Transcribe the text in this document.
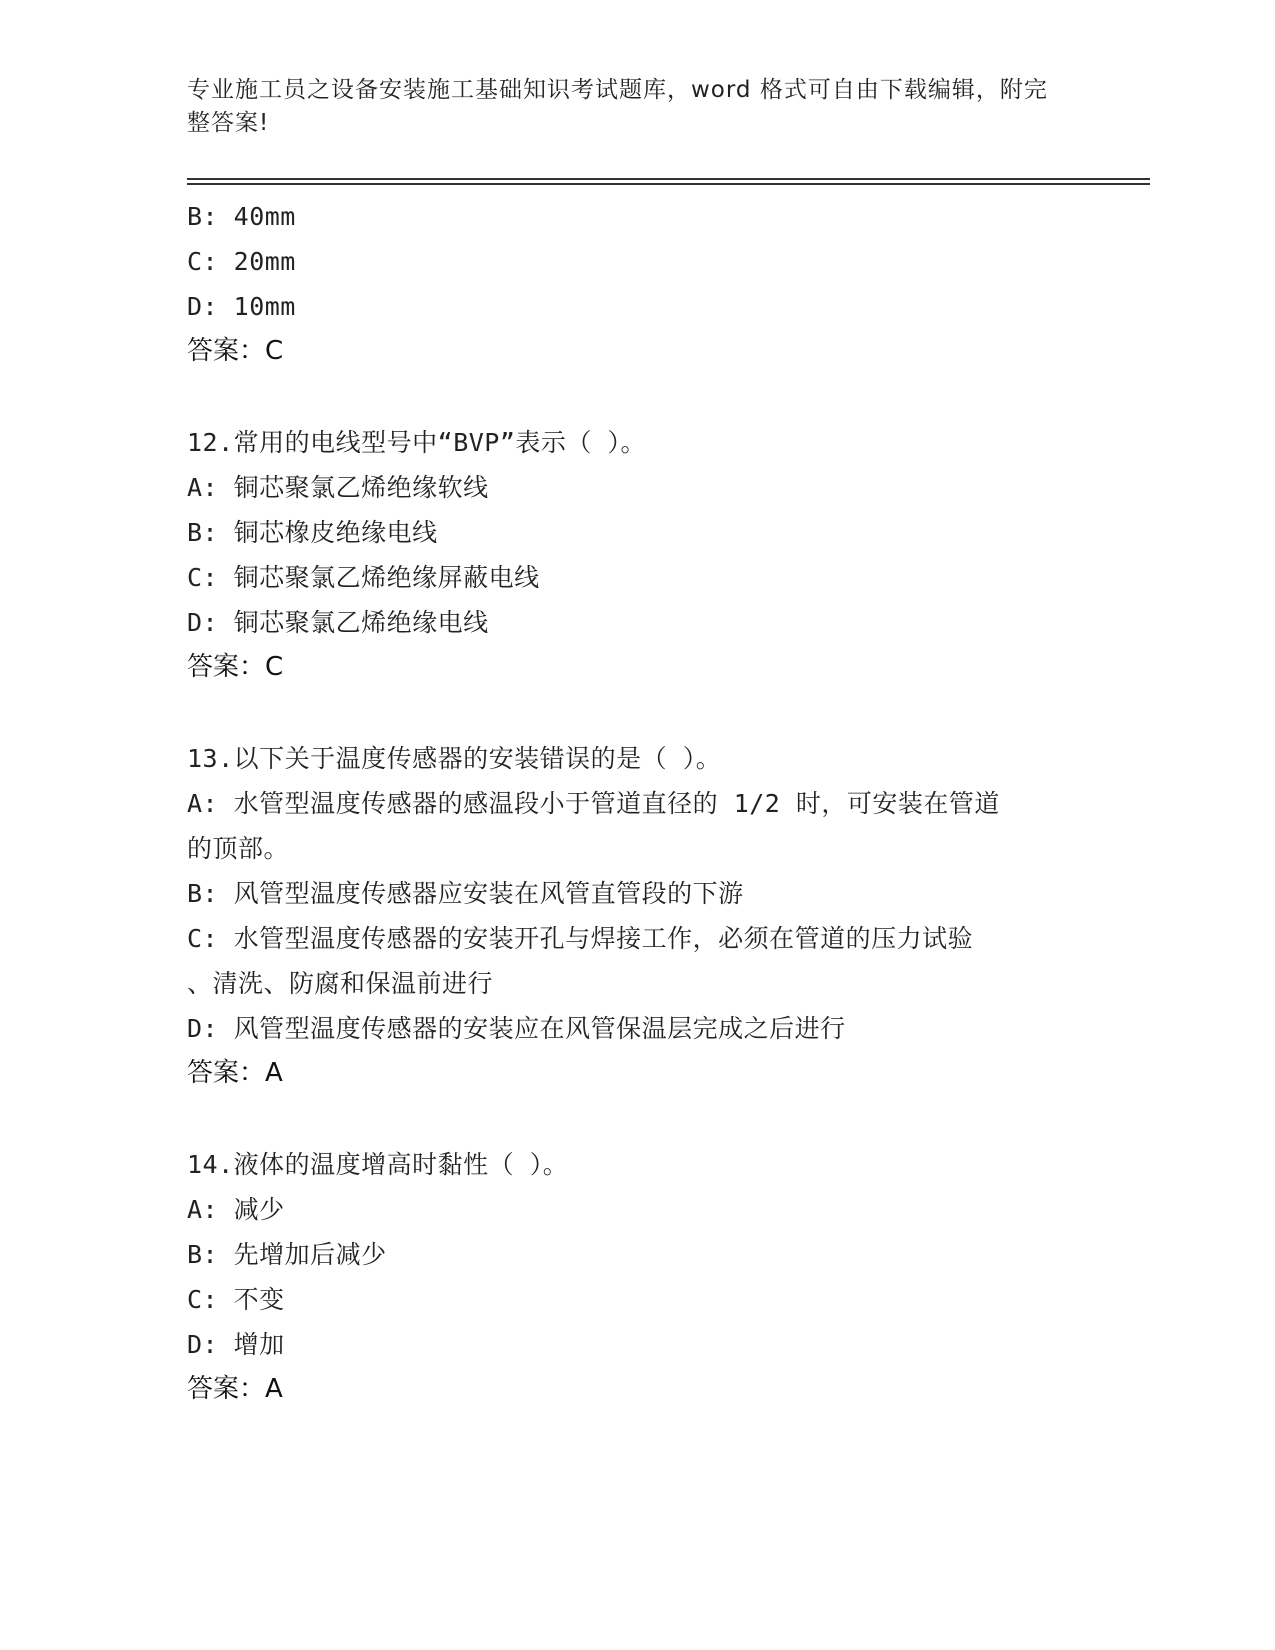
专业施工员之设备安装施工基础知识考试题库，word 格式可自由下载编辑，附完
整答案!
B: 40mm
C: 20mm
D: 10mm
答案：C
12.常用的电线型号中“BVP”表示（ ）。
A: 铜芯聚氯乙烯绝缘软线
B: 铜芯橡皮绝缘电线
C: 铜芯聚氯乙烯绝缘屏蔽电线
D: 铜芯聚氯乙烯绝缘电线
答案：C
13.以下关于温度传感器的安装错误的是（ ）。
A: 水管型温度传感器的感温段小于管道直径的 1/2 时，可安装在管道
的顶部。
B: 风管型温度传感器应安装在风管直管段的下游
C: 水管型温度传感器的安装开孔与焊接工作，必须在管道的压力试验
、清洗、防腐和保温前进行
D: 风管型温度传感器的安装应在风管保温层完成之后进行
答案：A
14.液体的温度增高时黏性（ ）。
A: 减少
B: 先增加后减少
C: 不变
D: 增加
答案：A
